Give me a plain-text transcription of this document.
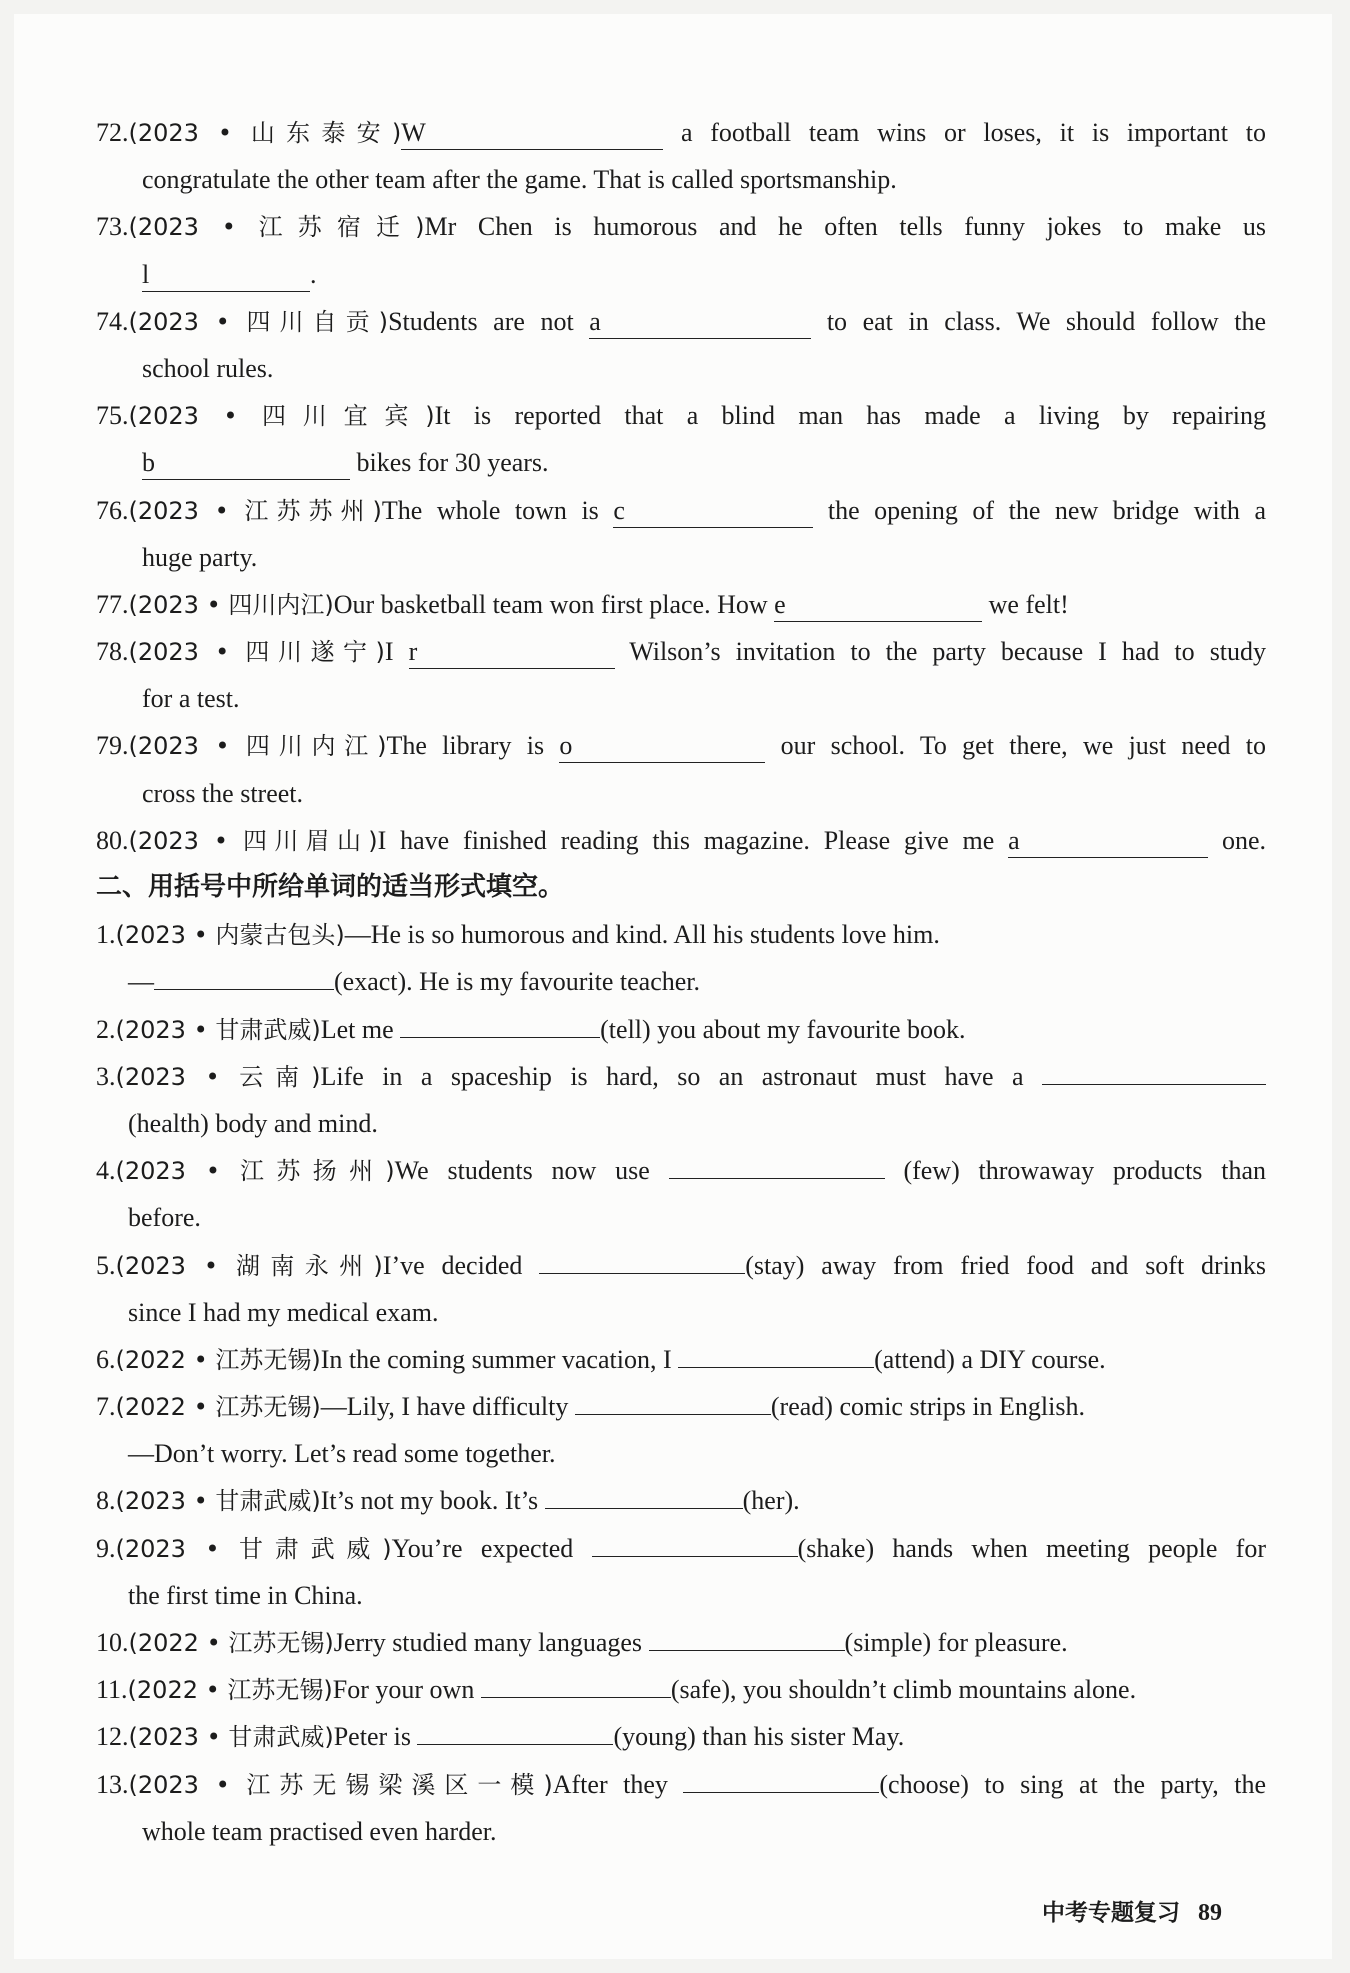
72.(2023 • 山东泰安)W	a football team wins or loses, it is important to
congratulate the other team after the game. That is called sportsmanship.
73.(2023 • 江苏宿迁)Mr Chen is humorous and he often tells funny jokes to make us
l	.
74.(2023 • 四川自贡)Students are not a	to eat in class. We should follow the
school rules.
75.(2023 • 四川宜宾)It is reported that a blind man has made a living by repairing
b	bikes for 30 years.
76.(2023 • 江苏苏州)The whole town is c	the opening of the new bridge with a
huge party.
77.(2023 • 四川内江)Our basketball team won first place. How e	we felt!
78.(2023 • 四川遂宁)I r	Wilson’s invitation to the party because I had to study
for a test.
79.(2023 • 四川内江)The library is o	our school. To get there, we just need to
cross the street.
80.(2023 • 四川眉山)I have finished reading this magazine. Please give me a	one.
二、用括号中所给单词的适当形式填空。
1.(2023 • 内蒙古包头)—He is so humorous and kind. All his students love him.
—	(exact). He is my favourite teacher.
2.(2023 • 甘肃武威)Let me	(tell) you about my favourite book.
3.(2023 • 云南)Life in a spaceship is hard, so an astronaut must have a
(health) body and mind.
4.(2023 • 江苏扬州)We students now use	(few) throwaway products than
before.
5.(2023 • 湖南永州)I’ve decided	(stay) away from fried food and soft drinks
since I had my medical exam.
6.(2022 • 江苏无锡)In the coming summer vacation, I	(attend) a DIY course.
7.(2022 • 江苏无锡)—Lily, I have difficulty	(read) comic strips in English.
—Don’t worry. Let’s read some together.
8.(2023 • 甘肃武威)It’s not my book. It’s	(her).
9.(2023 • 甘肃武威)You’re expected	(shake) hands when meeting people for
the first time in China.
10.(2022 • 江苏无锡)Jerry studied many languages	(simple) for pleasure.
11.(2022 • 江苏无锡)For your own	(safe), you shouldn’t climb mountains alone.
12.(2023 • 甘肃武威)Peter is	(young) than his sister May.
13.(2023 • 江苏无锡梁溪区一模)After they	(choose) to sing at the party, the
whole team practised even harder.
中考专题复习 89
